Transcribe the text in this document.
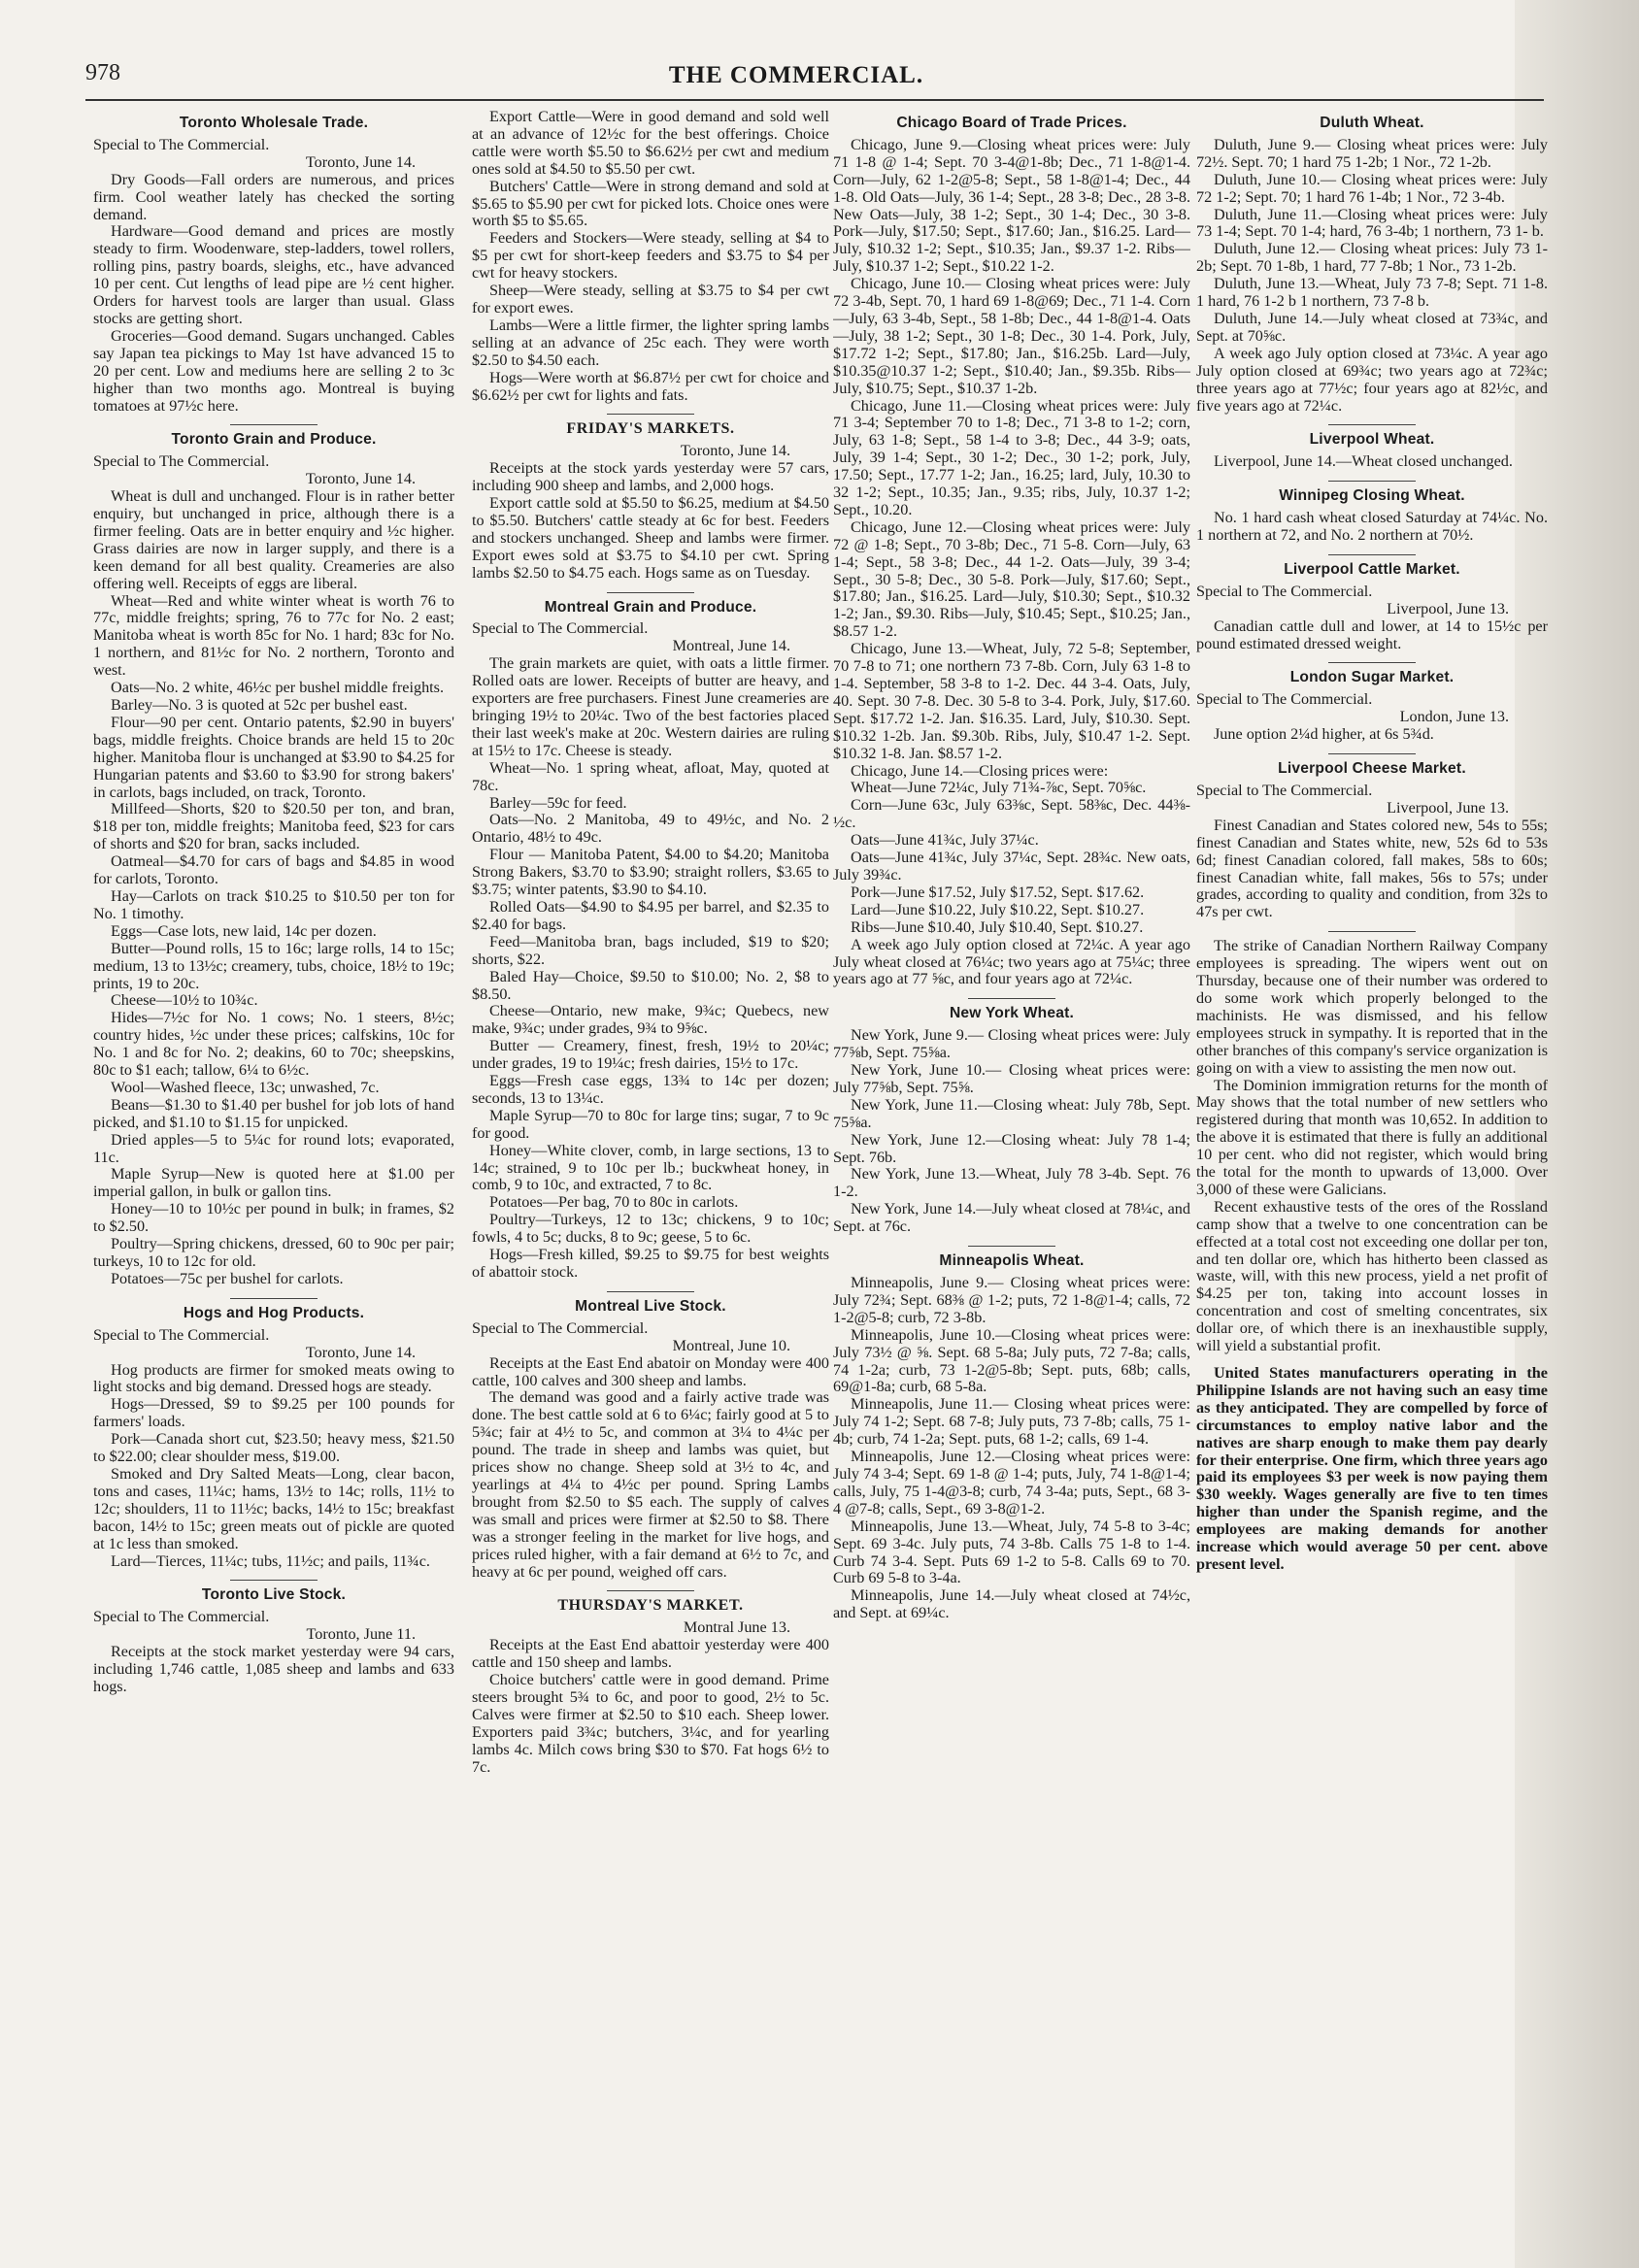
978	THE COMMERCIAL.
Toronto Wholesale Trade.

Special to The Commercial.

Toronto, June 14.

Dry Goods—Fall orders are numerous, and prices firm. Cool weather lately has checked the sorting demand.

Hardware—Good demand and prices are mostly steady to firm. Woodenware, step-ladders, towel rollers, rolling pins, pastry boards, sleighs, etc., have advanced 10 per cent. Cut lengths of lead pipe are ½ cent higher. Orders for harvest tools are larger than usual. Glass stocks are getting short.

Groceries—Good demand. Sugars unchanged. Cables say Japan tea pickings to May 1st have advanced 15 to 20 per cent. Low and mediums here are selling 2 to 3c higher than two months ago. Montreal is buying tomatoes at 97½c here.

Toronto Grain and Produce.

Special to The Commercial.

Toronto, June 14.

Wheat is dull and unchanged. Flour is in rather better enquiry, but unchanged in price, although there is a firmer feeling. Oats are in better enquiry and ½c higher. Grass dairies are now in larger supply, and there is a keen demand for all best quality. Creameries are also offering well. Receipts of eggs are liberal.

Wheat—Red and white winter wheat is worth 76 to 77c, middle freights; spring, 76 to 77c for No. 2 east; Manitoba wheat is worth 85c for No. 1 hard; 83c for No. 1 northern, and 81½c for No. 2 northern, Toronto and west.

Oats—No. 2 white, 46½c per bushel middle freights.

Barley—No. 3 is quoted at 52c per bushel east.

Flour—90 per cent. Ontario patents, $2.90 in buyers' bags, middle freights. Choice brands are held 15 to 20c higher. Manitoba flour is unchanged at $3.90 to $4.25 for Hungarian patents and $3.60 to $3.90 for strong bakers' in carlots, bags included, on track, Toronto.

Millfeed—Shorts, $20 to $20.50 per ton, and bran, $18 per ton, middle freights; Manitoba feed, $23 for cars of shorts and $20 for bran, sacks included.

Oatmeal—$4.70 for cars of bags and $4.85 in wood for carlots, Toronto.

Hay—Carlots on track $10.25 to $10.50 per ton for No. 1 timothy.

Eggs—Case lots, new laid, 14c per dozen.

Butter—Pound rolls, 15 to 16c; large rolls, 14 to 15c; medium, 13 to 13½c; creamery, tubs, choice, 18½ to 19c; prints, 19 to 20c.

Cheese—10½ to 10¾c.

Hides—7½c for No. 1 cows; No. 1 steers, 8½c; country hides, ½c under these prices; calfskins, 10c for No. 1 and 8c for No. 2; deakins, 60 to 70c; sheepskins, 80c to $1 each; tallow, 6¼ to 6½c.

Wool—Washed fleece, 13c; unwashed, 7c.

Beans—$1.30 to $1.40 per bushel for job lots of hand picked, and $1.10 to $1.15 for unpicked.

Dried apples—5 to 5¼c for round lots; evaporated, 11c.

Maple Syrup—New is quoted here at $1.00 per imperial gallon, in bulk or gallon tins.

Honey—10 to 10½c per pound in bulk; in frames, $2 to $2.50.

Poultry—Spring chickens, dressed, 60 to 90c per pair; turkeys, 10 to 12c for old.

Potatoes—75c per bushel for carlots.

Hogs and Hog Products.

Special to The Commercial.

Toronto, June 14.

Hog products are firmer for smoked meats owing to light stocks and big demand. Dressed hogs are steady.

Hogs—Dressed, $9 to $9.25 per 100 pounds for farmers' loads.

Pork—Canada short cut, $23.50; heavy mess, $21.50 to $22.00; clear shoulder mess, $19.00.

Smoked and Dry Salted Meats—Long, clear bacon, tons and cases, 11¼c; hams, 13½ to 14c; rolls, 11½ to 12c; shoulders, 11 to 11½c; backs, 14½ to 15c; breakfast bacon, 14½ to 15c; green meats out of pickle are quoted at 1c less than smoked.

Lard—Tierces, 11¼c; tubs, 11½c; and pails, 11¾c.

Toronto Live Stock.

Special to The Commercial.

Toronto, June 11.

Receipts at the stock market yesterday were 94 cars, including 1,746 cattle, 1,085 sheep and lambs and 633 hogs.

Export Cattle—Were in good demand and sold well at an advance of 12½c for the best offerings. Choice cattle were worth $5.50 to $6.62½ per cwt and medium ones sold at $4.50 to $5.50 per cwt.

Butchers' Cattle—Were in strong demand and sold at $5.65 to $5.90 per cwt for picked lots. Choice ones were worth $5 to $5.65.

Feeders and Stockers—Were steady, selling at $4 to $5 per cwt for short-keep feeders and $3.75 to $4 per cwt for heavy stockers.

Sheep—Were steady, selling at $3.75 to $4 per cwt for export ewes.

Lambs—Were a little firmer, the lighter spring lambs selling at an advance of 25c each. They were worth $2.50 to $4.50 each.

Hogs—Were worth at $6.87½ per cwt for choice and $6.62½ per cwt for lights and fats.

FRIDAY'S MARKETS.

Toronto, June 14.

Receipts at the stock yards yesterday were 57 cars, including 900 sheep and lambs, and 2,000 hogs.

Export cattle sold at $5.50 to $6.25, medium at $4.50 to $5.50. Butchers' cattle steady at 6c for best. Feeders and stockers unchanged. Sheep and lambs were firmer. Export ewes sold at $3.75 to $4.10 per cwt. Spring lambs $2.50 to $4.75 each. Hogs same as on Tuesday.

Montreal Grain and Produce.

Special to The Commercial.

Montreal, June 14.

The grain markets are quiet, with oats a little firmer. Rolled oats are lower. Receipts of butter are heavy, and exporters are free purchasers. Finest June creameries are bringing 19½ to 20¼c. Two of the best factories placed their last week's make at 20c. Western dairies are ruling at 15½ to 17c. Cheese is steady.

Wheat—No. 1 spring wheat, afloat, May, quoted at 78c.

Barley—59c for feed.

Oats—No. 2 Manitoba, 49 to 49½c, and No. 2 Ontario, 48½ to 49c.

Flour — Manitoba Patent, $4.00 to $4.20; Manitoba Strong Bakers, $3.70 to $3.90; straight rollers, $3.65 to $3.75; winter patents, $3.90 to $4.10.

Rolled Oats—$4.90 to $4.95 per barrel, and $2.35 to $2.40 for bags.

Feed—Manitoba bran, bags included, $19 to $20; shorts, $22.

Baled Hay—Choice, $9.50 to $10.00; No. 2, $8 to $8.50.

Cheese—Ontario, new make, 9¾c; Quebecs, new make, 9¾c; under grades, 9¾ to 9⅝c.

Butter — Creamery, finest, fresh, 19½ to 20¼c; under grades, 19 to 19¼c; fresh dairies, 15½ to 17c.

Eggs—Fresh case eggs, 13¾ to 14c per dozen; seconds, 13 to 13¼c.

Maple Syrup—70 to 80c for large tins; sugar, 7 to 9c for good.

Honey—White clover, comb, in large sections, 13 to 14c; strained, 9 to 10c per lb.; buckwheat honey, in comb, 9 to 10c, and extracted, 7 to 8c.

Potatoes—Per bag, 70 to 80c in carlots.

Poultry—Turkeys, 12 to 13c; chickens, 9 to 10c; fowls, 4 to 5c; ducks, 8 to 9c; geese, 5 to 6c.

Hogs—Fresh killed, $9.25 to $9.75 for best weights of abattoir stock.

Montreal Live Stock.

Special to The Commercial.

Montreal, June 10.

Receipts at the East End abatoir on Monday were 400 cattle, 100 calves and 300 sheep and lambs.

The demand was good and a fairly active trade was done. The best cattle sold at 6 to 6¼c; fairly good at 5 to 5¾c; fair at 4½ to 5c, and common at 3¼ to 4¼c per pound. The trade in sheep and lambs was quiet, but prices show no change. Sheep sold at 3½ to 4c, and yearlings at 4¼ to 4½c per pound. Spring Lambs brought from $2.50 to $5 each. The supply of calves was small and prices were firmer at $2.50 to $8. There was a stronger feeling in the market for live hogs, and prices ruled higher, with a fair demand at 6½ to 7c, and heavy at 6c per pound, weighed off cars.

THURSDAY'S MARKET.

Montral June 13.

Receipts at the East End abattoir yesterday were 400 cattle and 150 sheep and lambs.

Choice butchers' cattle were in good demand. Prime steers brought 5¾ to 6c, and poor to good, 2½ to 5c. Calves were firmer at $2.50 to $10 each. Sheep lower. Exporters paid 3¾c; butchers, 3¼c, and for yearling lambs 4c. Milch cows bring $30 to $70. Fat hogs 6½ to 7c.

Chicago Board of Trade Prices.

Chicago, June 9.—Closing wheat prices were: July 71 1-8 @ 1-4; Sept. 70 3-4@1-8b; Dec., 71 1-8@1-4. Corn—July, 62 1-2@5-8; Sept., 58 1-8@1-4; Dec., 44 1-8. Old Oats—July, 36 1-4; Sept., 28 3-8; Dec., 28 3-8. New Oats—July, 38 1-2; Sept., 30 1-4; Dec., 30 3-8. Pork—July, $17.50; Sept., $17.60; Jan., $16.25. Lard—July, $10.32 1-2; Sept., $10.35; Jan., $9.37 1-2. Ribs—July, $10.37 1-2; Sept., $10.22 1-2.

Chicago, June 10.— Closing wheat prices were: July 72 3-4b, Sept. 70, 1 hard 69 1-8@69; Dec., 71 1-4. Corn—July, 63 3-4b, Sept., 58 1-8b; Dec., 44 1-8@1-4. Oats—July, 38 1-2; Sept., 30 1-8; Dec., 30 1-4. Pork, July, $17.72 1-2; Sept., $17.80; Jan., $16.25b. Lard—July, $10.35@10.37 1-2; Sept., $10.40; Jan., $9.35b. Ribs—July, $10.75; Sept., $10.37 1-2b.

Chicago, June 11.—Closing wheat prices were: July 71 3-4; September 70 to 1-8; Dec., 71 3-8 to 1-2; corn, July, 63 1-8; Sept., 58 1-4 to 3-8; Dec., 44 3-9; oats, July, 39 1-4; Sept., 30 1-2; Dec., 30 1-2; pork, July, 17.50; Sept., 17.77 1-2; Jan., 16.25; lard, July, 10.30 to 32 1-2; Sept., 10.35; Jan., 9.35; ribs, July, 10.37 1-2; Sept., 10.20.

Chicago, June 12.—Closing wheat prices were: July 72 @ 1-8; Sept., 70 3-8b; Dec., 71 5-8. Corn—July, 63 1-4; Sept., 58 3-8; Dec., 44 1-2. Oats—July, 39 3-4; Sept., 30 5-8; Dec., 30 5-8. Pork—July, $17.60; Sept., $17.80; Jan., $16.25. Lard—July, $10.30; Sept., $10.32 1-2; Jan., $9.30. Ribs—July, $10.45; Sept., $10.25; Jan., $8.57 1-2.

Chicago, June 13.—Wheat, July, 72 5-8; September, 70 7-8 to 71; one northern 73 7-8b. Corn, July 63 1-8 to 1-4. September, 58 3-8 to 1-2. Dec. 44 3-4. Oats, July, 40. Sept. 30 7-8. Dec. 30 5-8 to 3-4. Pork, July, $17.60. Sept. $17.72 1-2. Jan. $16.35. Lard, July, $10.30. Sept. $10.32 1-2b. Jan. $9.30b. Ribs, July, $10.47 1-2. Sept. $10.32 1-8. Jan. $8.57 1-2.

Chicago, June 14.—Closing prices were:

Wheat—June 72¼c, July 71¾-⅞c, Sept. 70⅝c.

Corn—June 63c, July 63⅜c, Sept. 58⅜c, Dec. 44⅜-½c.

Oats—June 41¾c, July 37¼c.

Oats—June 41¾c, July 37¼c, Sept. 28¾c. New oats, July 39¾c.

Pork—June $17.52, July $17.52, Sept. $17.62.

Lard—June $10.22, July $10.22, Sept. $10.27.

Ribs—June $10.40, July $10.40, Sept. $10.27.

A week ago July option closed at 72¼c. A year ago July wheat closed at 76¼c; two years ago at 75¼c; three years ago at 77 ⅝c, and four years ago at 72¼c.

New York Wheat.

New York, June 9.— Closing wheat prices were: July 77⅝b, Sept. 75⅝a.

New York, June 10.— Closing wheat prices were: July 77⅝b, Sept. 75⅝.

New York, June 11.—Closing wheat: July 78b, Sept. 75⅝a.

New York, June 12.—Closing wheat: July 78 1-4; Sept. 76b.

New York, June 13.—Wheat, July 78 3-4b. Sept. 76 1-2.

New York, June 14.—July wheat closed at 78¼c, and Sept. at 76c.

Minneapolis Wheat.

Minneapolis, June 9.— Closing wheat prices were: July 72¾; Sept. 68⅜ @ 1-2; puts, 72 1-8@1-4; calls, 72 1-2@5-8; curb, 72 3-8b.

Minneapolis, June 10.—Closing wheat prices were: July 73½ @ ⅝. Sept. 68 5-8a; July puts, 72 7-8a; calls, 74 1-2a; curb, 73 1-2@5-8b; Sept. puts, 68b; calls, 69@1-8a; curb, 68 5-8a.

Minneapolis, June 11.— Closing wheat prices were: July 74 1-2; Sept. 68 7-8; July puts, 73 7-8b; calls, 75 1-4b; curb, 74 1-2a; Sept. puts, 68 1-2; calls, 69 1-4.

Minneapolis, June 12.—Closing wheat prices were: July 74 3-4; Sept. 69 1-8 @ 1-4; puts, July, 74 1-8@1-4; calls, July, 75 1-4@3-8; curb, 74 3-4a; puts, Sept., 68 3-4 @7-8; calls, Sept., 69 3-8@1-2.

Minneapolis, June 13.—Wheat, July, 74 5-8 to 3-4c; Sept. 69 3-4c. July puts, 74 3-8b. Calls 75 1-8 to 1-4. Curb 74 3-4. Sept. Puts 69 1-2 to 5-8. Calls 69 to 70. Curb 69 5-8 to 3-4a.

Minneapolis, June 14.—July wheat closed at 74½c, and Sept. at 69¼c.

Duluth Wheat.

Duluth, June 9.— Closing wheat prices were: July 72½. Sept. 70; 1 hard 75 1-2b; 1 Nor., 72 1-2b.

Duluth, June 10.— Closing wheat prices were: July 72 1-2; Sept. 70; 1 hard 76 1-4b; 1 Nor., 72 3-4b.

Duluth, June 11.—Closing wheat prices were: July 73 1-4; Sept. 70 1-4; hard, 76 3-4b; 1 northern, 73 1- b.

Duluth, June 12.— Closing wheat prices: July 73 1-2b; Sept. 70 1-8b, 1 hard, 77 7-8b; 1 Nor., 73 1-2b.

Duluth, June 13.—Wheat, July 73 7-8; Sept. 71 1-8. 1 hard, 76 1-2 b 1 northern, 73 7-8 b.

Duluth, June 14.—July wheat closed at 73¾c, and Sept. at 70⅝c.

A week ago July option closed at 73¼c. A year ago July option closed at 69¾c; two years ago at 72¾c; three years ago at 77½c; four years ago at 82½c, and five years ago at 72¼c.

Liverpool Wheat.

Liverpool, June 14.—Wheat closed unchanged.

Winnipeg Closing Wheat.

No. 1 hard cash wheat closed Saturday at 74¼c. No. 1 northern at 72, and No. 2 northern at 70½.

Liverpool Cattle Market.

Special to The Commercial.

Liverpool, June 13.

Canadian cattle dull and lower, at 14 to 15½c per pound estimated dressed weight.

London Sugar Market.

Special to The Commercial.

London, June 13.

June option 2¼d higher, at 6s 5¾d.

Liverpool Cheese Market.

Special to The Commercial.

Liverpool, June 13.

Finest Canadian and States colored new, 54s to 55s; finest Canadian and States white, new, 52s 6d to 53s 6d; finest Canadian colored, fall makes, 58s to 60s; finest Canadian white, fall makes, 56s to 57s; under grades, according to quality and condition, from 32s to 47s per cwt.

The strike of Canadian Northern Railway Company employees is spreading. The wipers went out on Thursday, because one of their number was ordered to do some work which properly belonged to the machinists. He was dismissed, and his fellow employees struck in sympathy. It is reported that in the other branches of this company's service organization is going on with a view to assisting the men now out.

The Dominion immigration returns for the month of May shows that the total number of new settlers who registered during that month was 10,652. In addition to the above it is estimated that there is fully an additional 10 per cent. who did not register, which would bring the total for the month to upwards of 13,000. Over 3,000 of these were Galicians.

Recent exhaustive tests of the ores of the Rossland camp show that a twelve to one concentration can be effected at a total cost not exceeding one dollar per ton, and ten dollar ore, which has hitherto been classed as waste, will, with this new process, yield a net profit of $4.25 per ton, taking into account losses in concentration and cost of smelting concentrates, six dollar ore, of which there is an inexhaustible supply, will yield a substantial profit.

United States manufacturers operating in the Philippine Islands are not having such an easy time as they anticipated. They are compelled by force of circumstances to employ native labor and the natives are sharp enough to make them pay dearly for their enterprise. One firm, which three years ago paid its employees $3 per week is now paying them $30 weekly. Wages generally are five to ten times higher than under the Spanish regime, and the employees are making demands for another increase which would average 50 per cent. above present level.
